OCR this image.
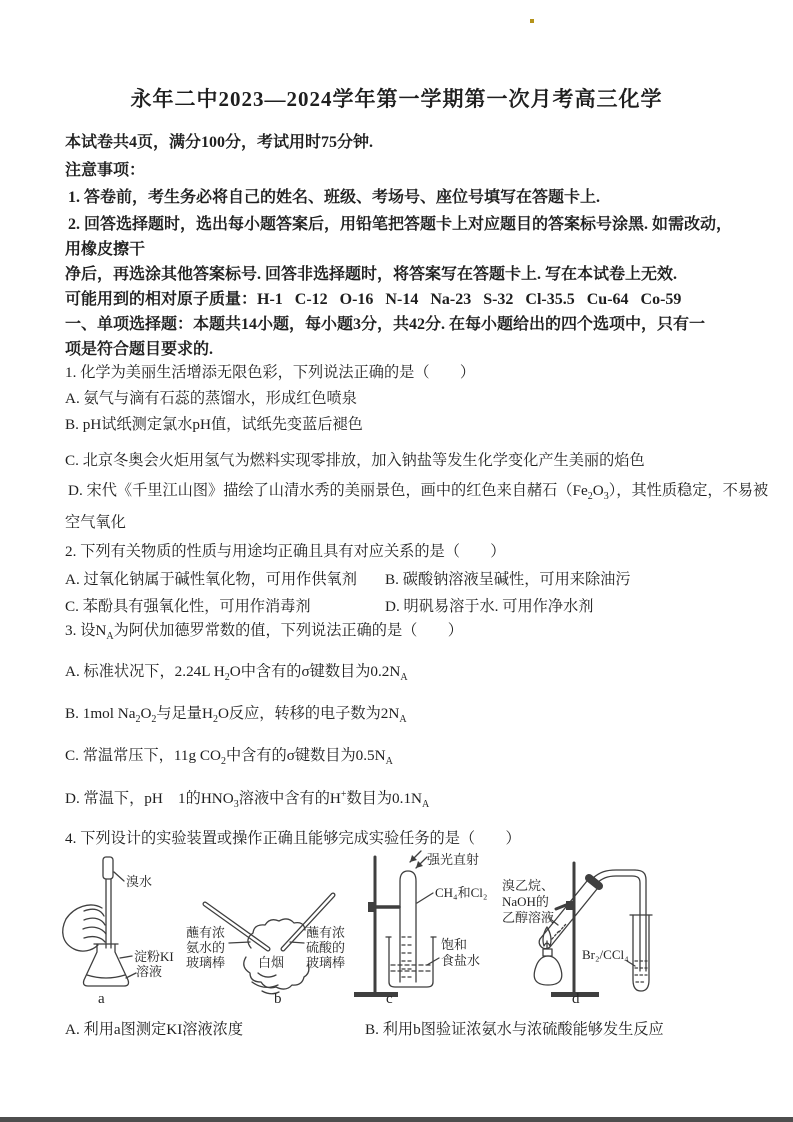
永年二中2023—2024学年第一学期第一次月考高三化学
本试卷共4页，满分100分，考试用时75分钟.
注意事项：
1. 答卷前，考生务必将自己的姓名、班级、考场号、座位号填写在答题卡上.
2. 回答选择题时，选出每小题答案后，用铅笔把答题卡上对应题目的答案标号涂黑. 如需改动，
用橡皮擦干
净后，再选涂其他答案标号. 回答非选择题时，将答案写在答题卡上. 写在本试卷上无效.
可能用到的相对原子质量：H-1   C-12   O-16   N-14   Na-23   S-32   Cl-35.5   Cu-64   Co-59
一、单项选择题：本题共14小题，每小题3分，共42分. 在每小题给出的四个选项中，只有一
项是符合题目要求的.
1. 化学为美丽生活增添无限色彩，下列说法正确的是（　　）
A. 氨气与滴有石蕊的蒸馏水，形成红色喷泉
B. pH试纸测定氯水pH值，试纸先变蓝后褪色
C. 北京冬奥会火炬用氢气为燃料实现零排放，加入钠盐等发生化学变化产生美丽的焰色
D. 宋代《千里江山图》描绘了山清水秀的美丽景色，画中的红色来自赭石$(Fe_2O_3)$，其性质稳定，不易被
空气氧化
2. 下列有关物质的性质与用途均正确且具有对应关系的是（　　）
A. 过氧化钠属于碱性氧化物，可用作供氧剂 B. 碳酸钠溶液呈碱性，可用来除油污
C. 苯酚具有强氧化性，可用作消毒剂	D. 明矾易溶于水. 可用作净水剂
3. 设$N_A$为阿伏加德罗常数的值，下列说法正确的是（　　）
A. 标准状况下，2.24L $H_2O$中含有的σ键数目为$0.2N_A$
B. 1mol $Na_2O_2$与足量$H_2O$反应，转移的电子数为$2N_A$
C. 常温常压下，11g $CO_2$中含有的σ键数目为$0.5N_A$
D. 常温下，pH　1的$HNO_3$溶液中含有的H+数目为$0.1N_A$
4. 下列设计的实验装置或操作正确且能够完成实验任务的是（　　）
溴水
淀粉KI
溶液
a
蘸有浓
氨水的
玻璃棒	白烟
蘸有浓
硫酸的
玻璃棒
b
强光直射
CH₄和Cl₂
饱和
食盐水
c
溴乙烷、
NaOH的
乙醇溶液
Br₂/CCl₄
d
A. 利用a图测定KI溶液浓度	B. 利用b图验证浓氨水与浓硫酸能够发生反应
